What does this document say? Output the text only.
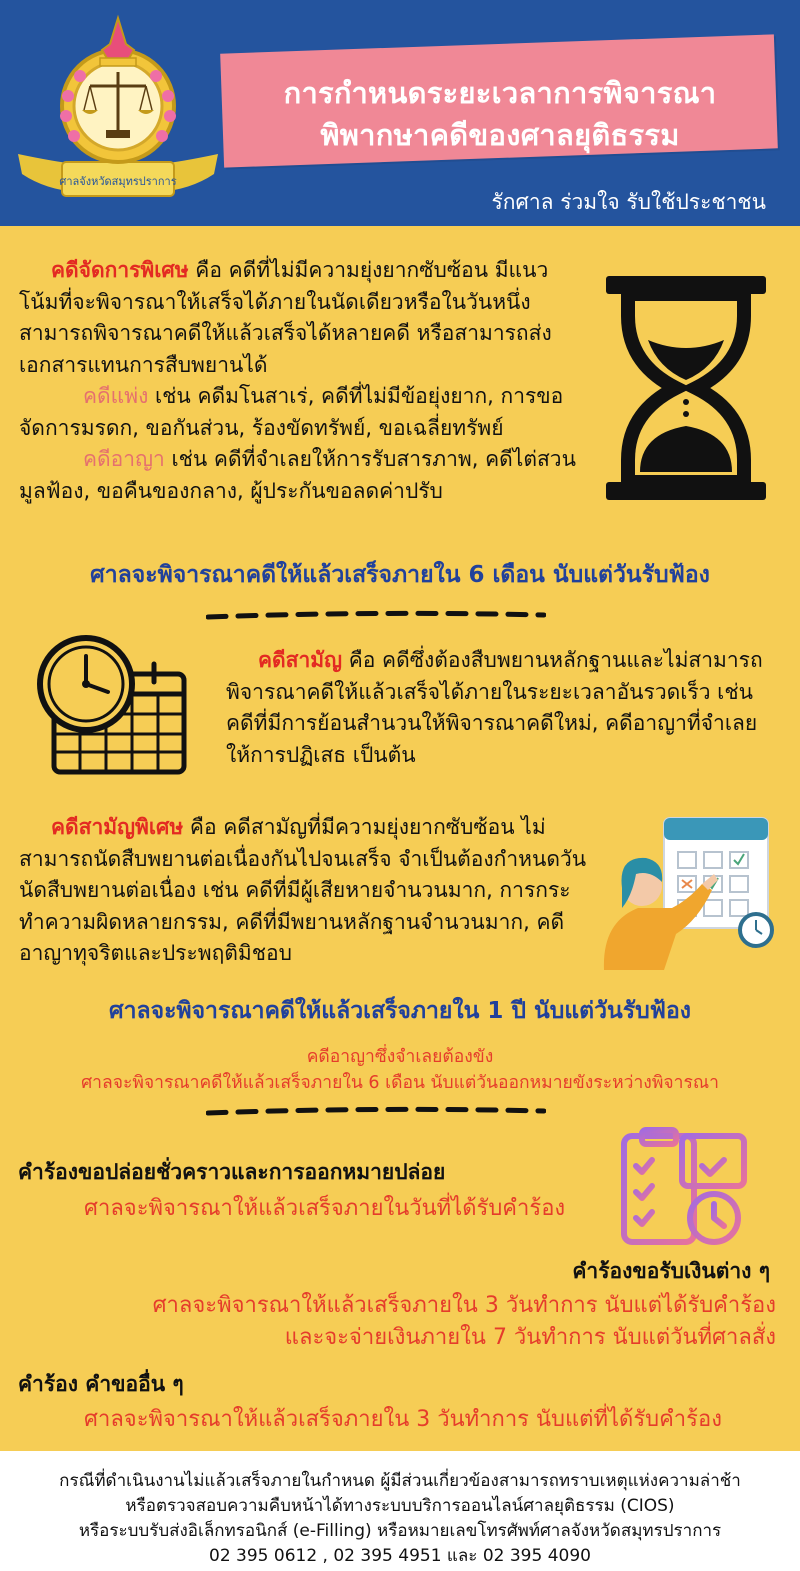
ศาลจังหวัดสมุทรปราการ
การกำหนดระยะเวลาการพิจารณา
พิพากษาคดีของศาลยุติธรรม
รักศาล ร่วมใจ รับใช้ประชาชน
คดีจัดการพิเศษ คือ คดีที่ไม่มีความยุ่งยากซับซ้อน มีแนวโน้มที่จะพิจารณาให้เสร็จได้ภายในนัดเดียวหรือในวันหนึ่งสามารถพิจารณาคดีให้แล้วเสร็จได้หลายคดี หรือสามารถส่งเอกสารแทนการสืบพยานได้
คดีแพ่ง เช่น คดีมโนสาเร่, คดีที่ไม่มีข้อยุ่งยาก, การขอจัดการมรดก, ขอกันส่วน, ร้องขัดทรัพย์, ขอเฉลี่ยทรัพย์
คดีอาญา เช่น คดีที่จำเลยให้การรับสารภาพ, คดีไต่สวนมูลฟ้อง, ขอคืนของกลาง, ผู้ประกันขอลดค่าปรับ
ศาลจะพิจารณาคดีให้แล้วเสร็จภายใน 6 เดือน นับแต่วันรับฟ้อง
คดีสามัญ คือ คดีซึ่งต้องสืบพยานหลักฐานและไม่สามารถพิจารณาคดีให้แล้วเสร็จได้ภายในระยะเวลาอันรวดเร็ว เช่น คดีที่มีการย้อนสำนวนให้พิจารณาคดีใหม่, คดีอาญาที่จำเลยให้การปฏิเสธ เป็นต้น
คดีสามัญพิเศษ คือ คดีสามัญที่มีความยุ่งยากซับซ้อน ไม่สามารถนัดสืบพยานต่อเนื่องกันไปจนเสร็จ จำเป็นต้องกำหนดวันนัดสืบพยานต่อเนื่อง เช่น คดีที่มีผู้เสียหายจำนวนมาก, การกระทำความผิดหลายกรรม, คดีที่มีพยานหลักฐานจำนวนมาก, คดีอาญาทุจริตและประพฤติมิชอบ
ศาลจะพิจารณาคดีให้แล้วเสร็จภายใน 1 ปี นับแต่วันรับฟ้อง
คดีอาญาซึ่งจำเลยต้องขัง
ศาลจะพิจารณาคดีให้แล้วเสร็จภายใน 6 เดือน นับแต่วันออกหมายขังระหว่างพิจารณา
คำร้องขอปล่อยชั่วคราวและการออกหมายปล่อย
ศาลจะพิจารณาให้แล้วเสร็จภายในวันที่ได้รับคำร้อง
คำร้องขอรับเงินต่าง ๆ
ศาลจะพิจารณาให้แล้วเสร็จภายใน 3 วันทำการ นับแต่ได้รับคำร้อง
และจะจ่ายเงินภายใน 7 วันทำการ นับแต่วันที่ศาลสั่ง
คำร้อง คำขออื่น ๆ
ศาลจะพิจารณาให้แล้วเสร็จภายใน 3 วันทำการ นับแต่ที่ได้รับคำร้อง
กรณีที่ดำเนินงานไม่แล้วเสร็จภายในกำหนด ผู้มีส่วนเกี่ยวข้องสามารถทราบเหตุแห่งความล่าช้า
หรือตรวจสอบความคืบหน้าได้ทางระบบบริการออนไลน์ศาลยุติธรรม (CIOS)
หรือระบบรับส่งอิเล็กทรอนิกส์ (e-Filling) หรือหมายเลขโทรศัพท์ศาลจังหวัดสมุทรปราการ
02 395 0612 , 02 395 4951 และ 02 395 4090
